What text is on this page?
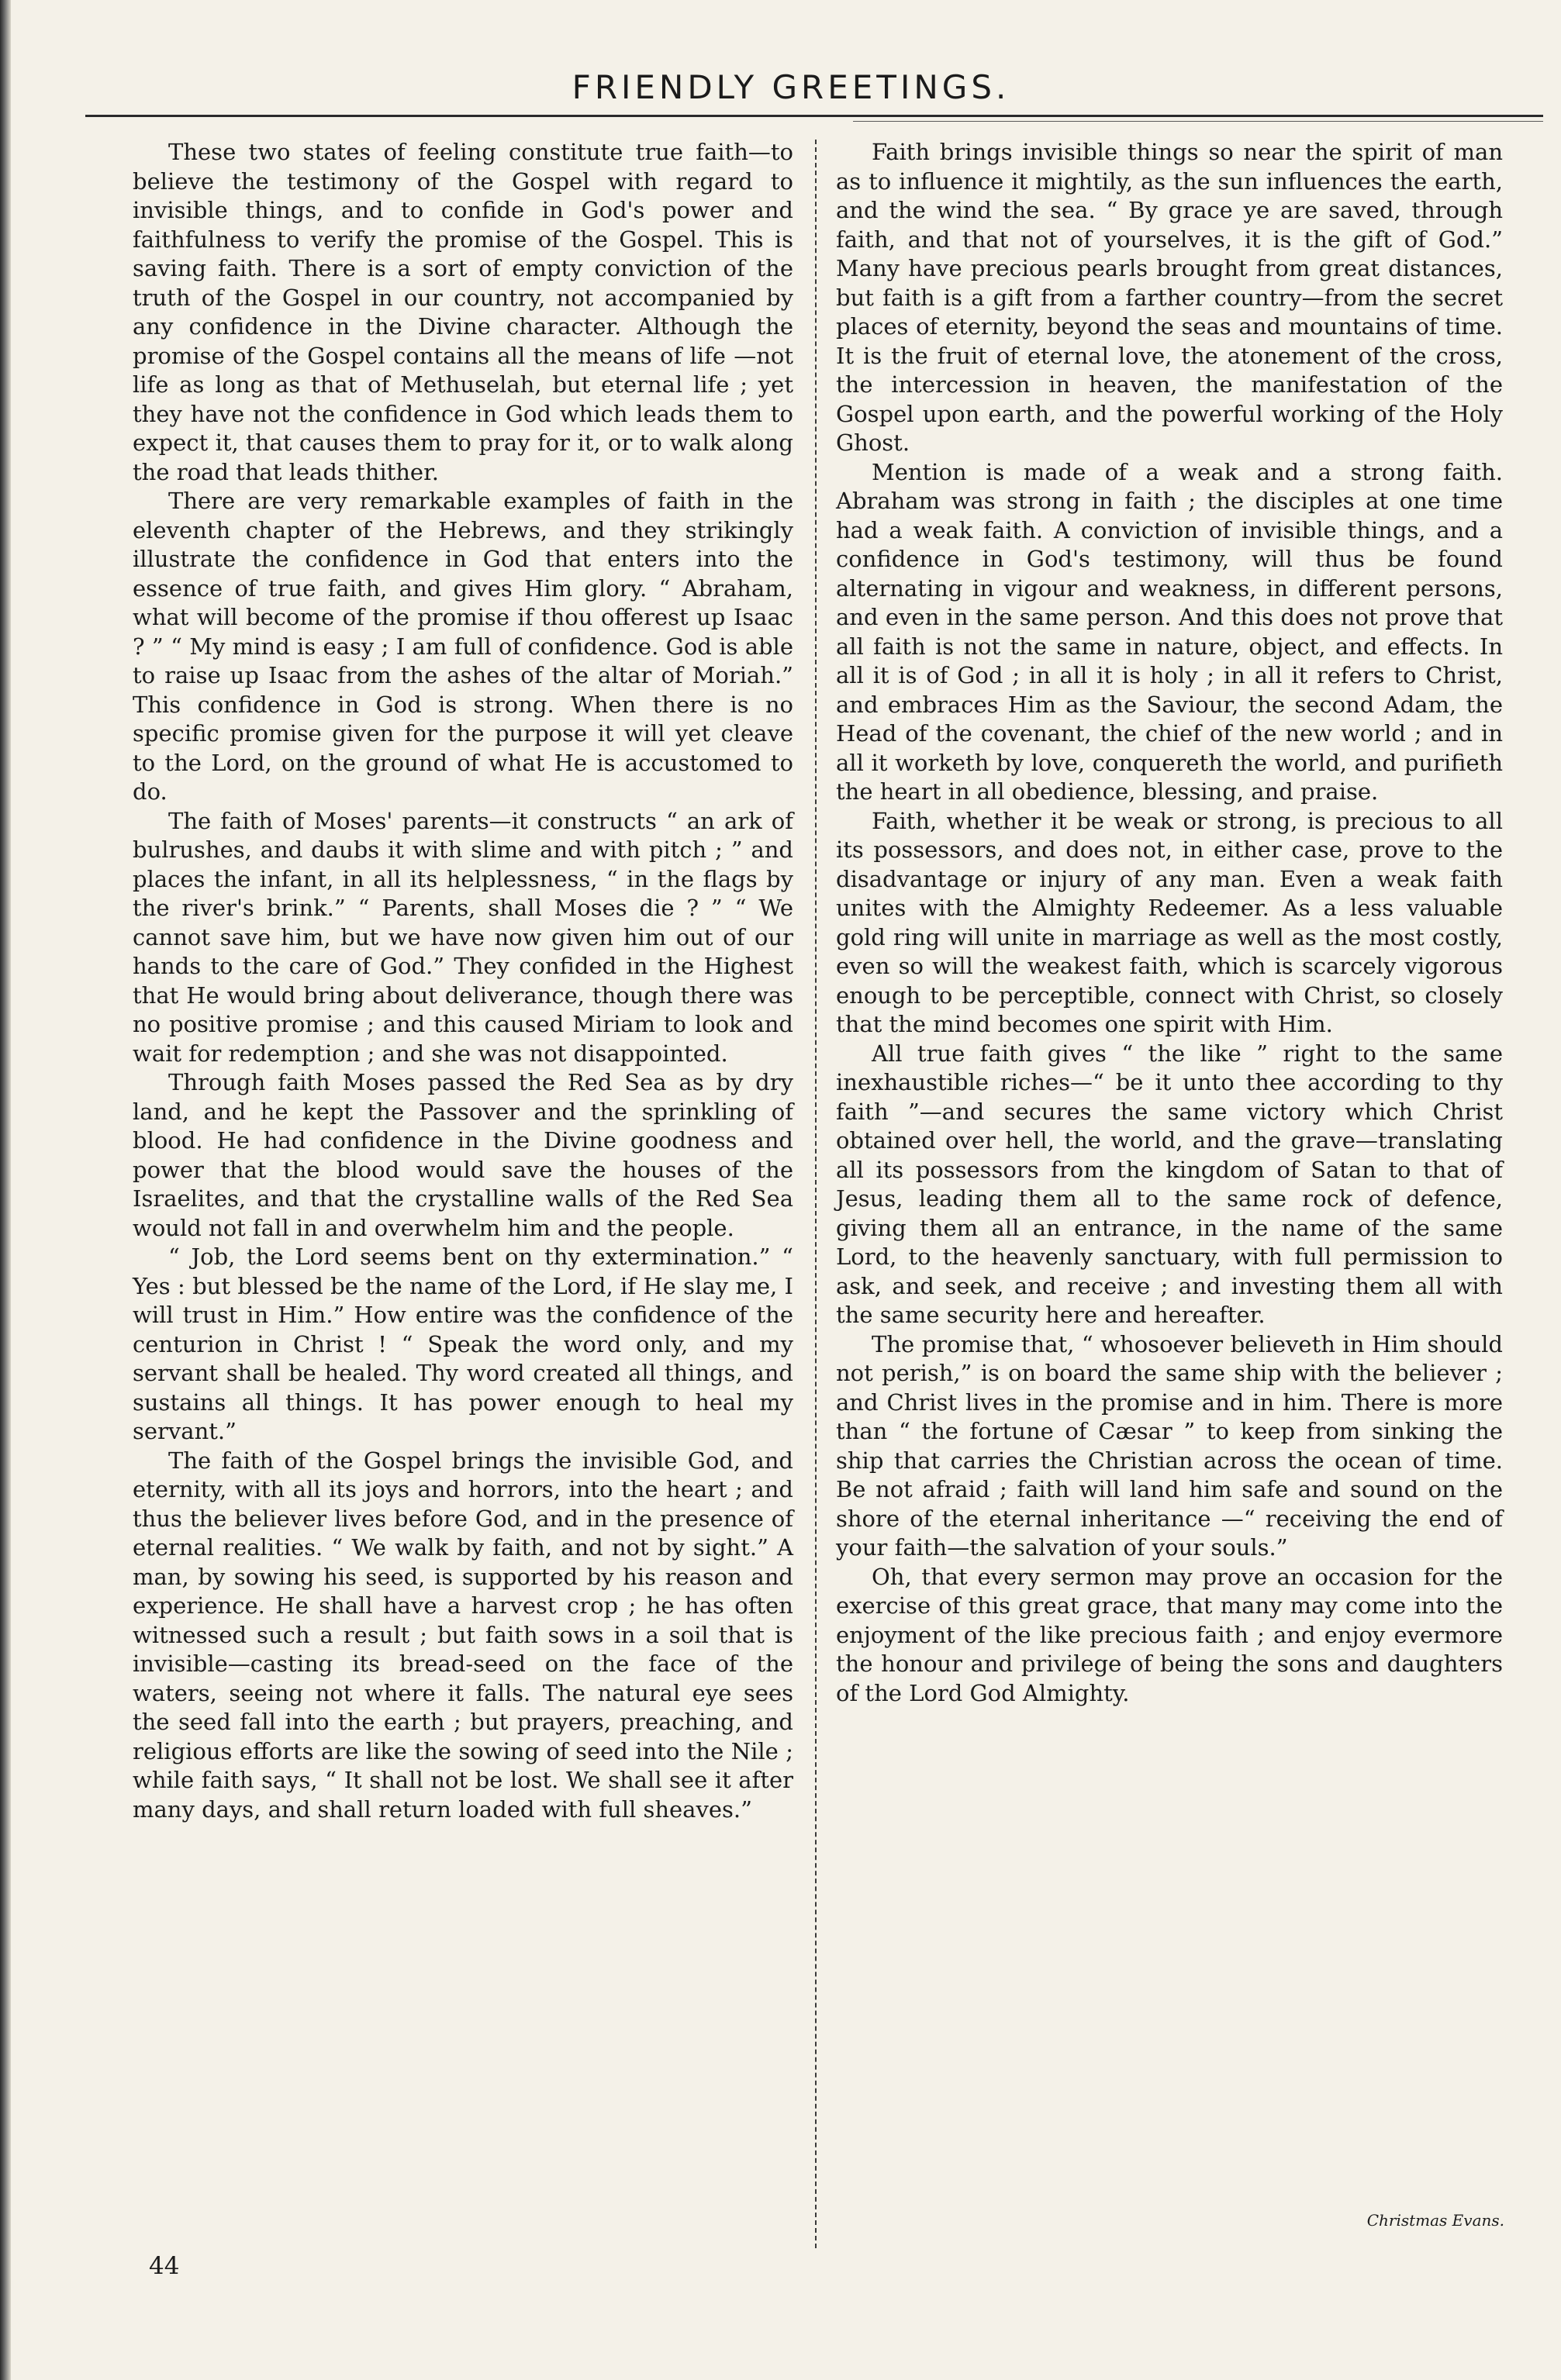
FRIENDLY GREETINGS.

These two states of feeling constitute true faith—to believe the testimony of the Gospel with regard to invisible things, and to confide in God's power and faithfulness to verify the promise of the Gospel. This is saving faith. There is a sort of empty conviction of the truth of the Gospel in our country, not accompanied by any confidence in the Divine character. Although the promise of the Gospel contains all the means of life —not life as long as that of Methuselah, but eternal life ; yet they have not the confidence in God which leads them to expect it, that causes them to pray for it, or to walk along the road that leads thither.

There are very remarkable examples of faith in the eleventh chapter of the Hebrews, and they strikingly illustrate the confidence in God that enters into the essence of true faith, and gives Him glory. “ Abraham, what will become of the promise if thou offerest up Isaac ? ” “ My mind is easy ; I am full of confidence. God is able to raise up Isaac from the ashes of the altar of Moriah.” This confidence in God is strong. When there is no specific promise given for the purpose it will yet cleave to the Lord, on the ground of what He is accustomed to do.

The faith of Moses' parents—it constructs “ an ark of bulrushes, and daubs it with slime and with pitch ; ” and places the infant, in all its helplessness, “ in the flags by the river's brink.” “ Parents, shall Moses die ? ” “ We cannot save him, but we have now given him out of our hands to the care of God.” They confided in the Highest that He would bring about deliverance, though there was no positive promise ; and this caused Miriam to look and wait for redemption ; and she was not disappointed.

Through faith Moses passed the Red Sea as by dry land, and he kept the Passover and the sprinkling of blood. He had confidence in the Divine goodness and power that the blood would save the houses of the Israelites, and that the crystalline walls of the Red Sea would not fall in and overwhelm him and the people.

“ Job, the Lord seems bent on thy extermination.” “ Yes : but blessed be the name of the Lord, if He slay me, I will trust in Him.” How entire was the confidence of the centurion in Christ ! “ Speak the word only, and my servant shall be healed. Thy word created all things, and sustains all things. It has power enough to heal my servant.”

The faith of the Gospel brings the invisible God, and eternity, with all its joys and horrors, into the heart ; and thus the believer lives before God, and in the presence of eternal realities. “ We walk by faith, and not by sight.” A man, by sowing his seed, is supported by his reason and experience. He shall have a harvest crop ; he has often witnessed such a result ; but faith sows in a soil that is invisible—casting its bread-seed on the face of the waters, seeing not where it falls. The natural eye sees the seed fall into the earth ; but prayers, preaching, and religious efforts are like the sowing of seed into the Nile ; while faith says, “ It shall not be lost. We shall see it after many days, and shall return loaded with full sheaves.”

Faith brings invisible things so near the spirit of man as to influence it mightily, as the sun influences the earth, and the wind the sea. “ By grace ye are saved, through faith, and that not of yourselves, it is the gift of God.” Many have precious pearls brought from great distances, but faith is a gift from a farther country—from the secret places of eternity, beyond the seas and mountains of time. It is the fruit of eternal love, the atonement of the cross, the intercession in heaven, the manifestation of the Gospel upon earth, and the powerful working of the Holy Ghost.

Mention is made of a weak and a strong faith. Abraham was strong in faith ; the disciples at one time had a weak faith. A conviction of invisible things, and a confidence in God's testimony, will thus be found alternating in vigour and weakness, in different persons, and even in the same person. And this does not prove that all faith is not the same in nature, object, and effects. In all it is of God ; in all it is holy ; in all it refers to Christ, and embraces Him as the Saviour, the second Adam, the Head of the covenant, the chief of the new world ; and in all it worketh by love, conquereth the world, and purifieth the heart in all obedience, blessing, and praise.

Faith, whether it be weak or strong, is precious to all its possessors, and does not, in either case, prove to the disadvantage or injury of any man. Even a weak faith unites with the Almighty Redeemer. As a less valuable gold ring will unite in marriage as well as the most costly, even so will the weakest faith, which is scarcely vigorous enough to be perceptible, connect with Christ, so closely that the mind becomes one spirit with Him.

All true faith gives “ the like ” right to the same inexhaustible riches—“ be it unto thee according to thy faith ”—and secures the same victory which Christ obtained over hell, the world, and the grave—translating all its possessors from the kingdom of Satan to that of Jesus, leading them all to the same rock of defence, giving them all an entrance, in the name of the same Lord, to the heavenly sanctuary, with full permission to ask, and seek, and receive ; and investing them all with the same security here and hereafter.

The promise that, “ whosoever believeth in Him should not perish,” is on board the same ship with the believer ; and Christ lives in the promise and in him. There is more than “ the fortune of Cæsar ” to keep from sinking the ship that carries the Christian across the ocean of time. Be not afraid ; faith will land him safe and sound on the shore of the eternal inheritance —“ receiving the end of your faith—the salvation of your souls.”

Oh, that every sermon may prove an occasion for the exercise of this great grace, that many may come into the enjoyment of the like precious faith ; and enjoy evermore the honour and privilege of being the sons and daughters of the Lord God Almighty.

Christmas Evans.
44
